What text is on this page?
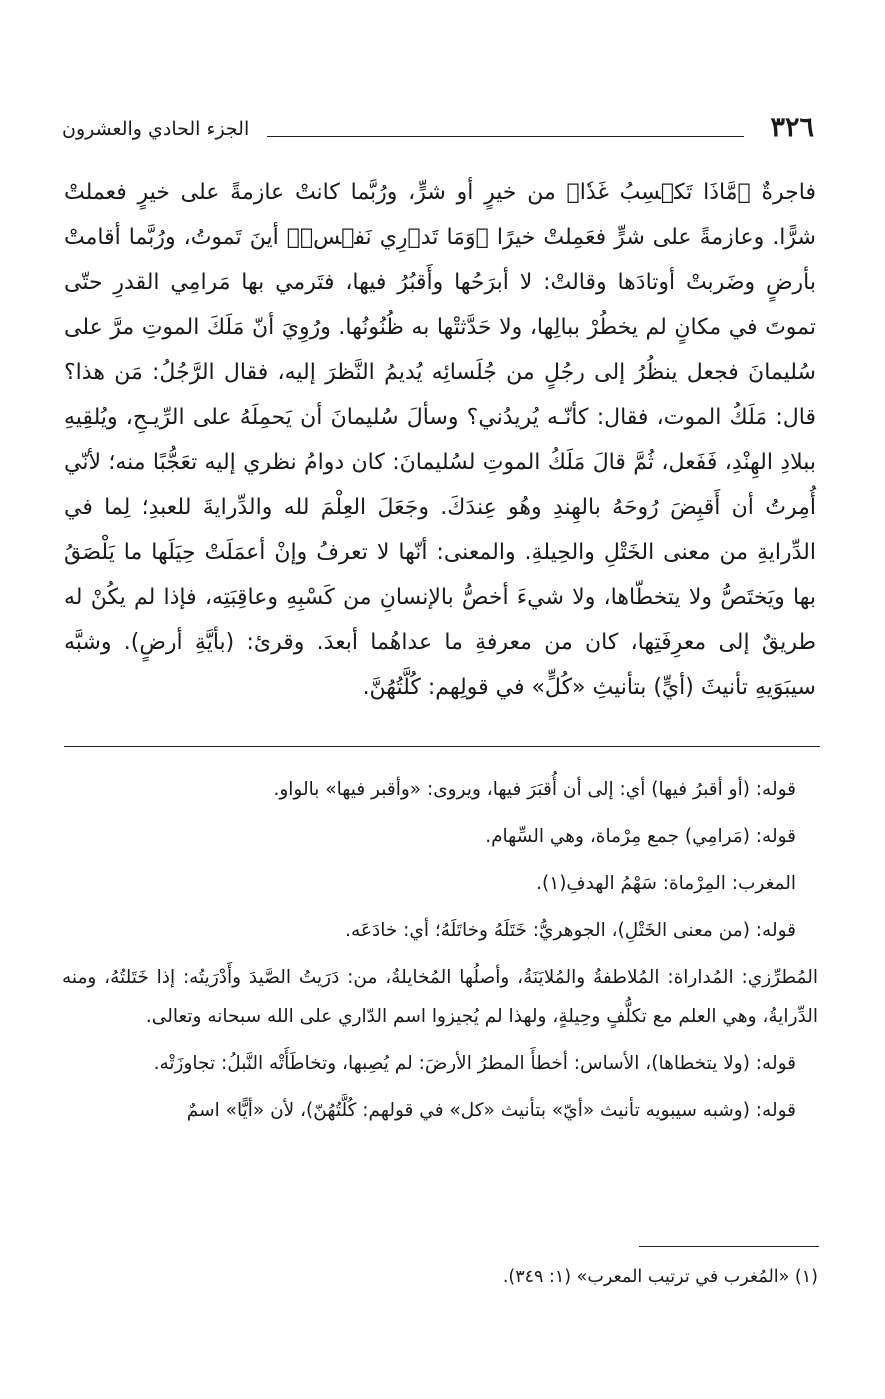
٣٢٦
الجزء الحادي والعشرون

فاجرةٌ ﴿مَّاذَا تَكۡسِبُ غَدٗا﴾ من خيرٍ أو شرٍّ، ورُبَّما كانتْ عازمةً على خيرٍ فعملتْ شرًّا. وعازمةً على شرٍّ فعَمِلتْ خيرًا ﴿وَمَا تَدۡرِي نَفۡسٞ﴾ أينَ تَموتُ، ورُبَّما أقامتْ بأرضٍ وضَربتْ أوتادَها وقالتْ: لا أبرَحُها وأَقبُرُ فيها، فتَرمي بها مَرامِي القدرِ حتّى تموتَ في مكانٍ لم يخطُرْ ببالِها، ولا حَدَّثتْها به ظُنُونُها. ورُوِيَ أنّ مَلَكَ الموتِ مرَّ على سُليمانَ فجعل ينظُرُ إلى رجُلٍ من جُلَسائِه يُديمُ النَّظرَ إليه، فقال الرَّجُلُ: مَن هذا؟ قال: مَلَكُ الموت، فقال: كأنّـه يُريدُني؟ وسألَ سُليمانَ أن يَحمِلَهُ على الرِّيـحِ، ويُلقِيهِ ببلادِ الهِنْدِ، فَفَعل، ثُمَّ قالَ مَلَكُ الموتِ لسُليمانَ: كان دوامُ نظري إليه تعَجُّبًا منه؛ لأنّي أُمِرتُ أن أَقبِضَ رُوحَهُ بالهِندِ وهُو عِندَكَ. وجَعَلَ العِلْمَ لله والدِّرايةَ للعبدِ؛ لِما في الدِّرايةِ من معنى الخَتْلِ والحِيلةِ. والمعنى: أنّها لا تعرفُ وإنْ أعمَلَتْ حِيَلَها ما يَلْصَقُ بها ويَختَصُّ ولا يتخطّاها، ولا شيءَ أخصُّ بالإنسانِ من كَسْبِهِ وعاقِبَتِه، فإذا لم يكُنْ له طريقٌ إلى معرِفَتِها، كان من معرفةِ ما عداهُما أبعدَ. وقرئ: (بأيَّةِ أرضٍ). وشبَّه سيبَوَيهِ تأنيثَ (أيٍّ) بتأنيثِ «كُلٍّ» في قولِهم: كُلَّتُهُنَّ.

قوله: (أو أقبرُ فيها) أي: إلى أن أُقبَرَ فيها، ويروى: «وأقبر فيها» بالواو.

قوله: (مَرامِي) جمع مِرْماة، وهي السِّهام.

المغرب: المِرْماة: سَهْمُ الهدفِ(١).

قوله: (من معنى الخَتْلِ)، الجوهريُّ: خَتَلَهُ وخاتَلَهُ؛ أي: خادَعَه.

المُطرِّزي: المُداراة: المُلاطفةُ والمُلايَنَةُ، وأصلُها المُخايلةُ، من: دَرَيتُ الصَّيدَ وأَدْرَيتُه: إذا خَتَلتُهُ، ومنه الدِّرايةُ، وهي العلم مع تكلُّفٍ وحِيلةٍ، ولهذا لم يُجيزوا اسم الدّاري على الله سبحانه وتعالى.

قوله: (ولا يتخطاها)، الأساس: أخطأَ المطرُ الأرضَ: لم يُصِبها، وتخاطَأَتْه النَّبلُ: تجاوزَتْه.

قوله: (وشبه سيبويه تأنيث «أيّ» بتأنيث «كل» في قولهم: كُلَّتُهُنّ)، لأن «أيًّا» اسمٌ

(١) «المُغرب في ترتيب المعرب» (١: ٣٤٩).
